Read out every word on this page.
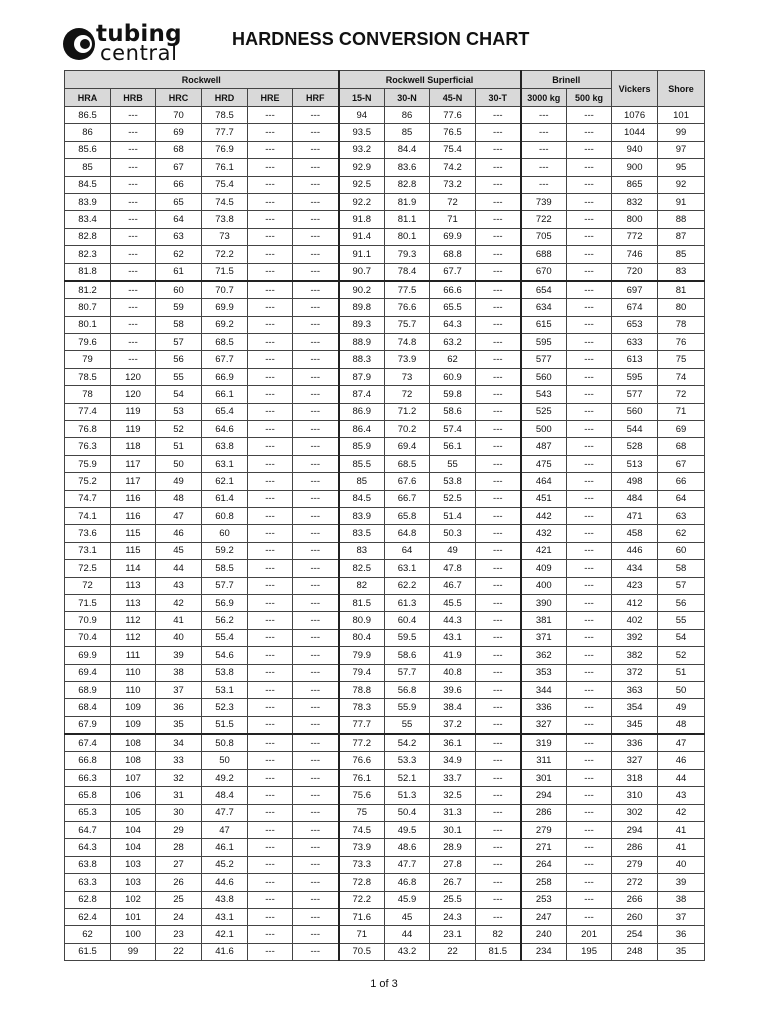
tubing
central
HARDNESS CONVERSION CHART
Rockwell						Rockwell Superficial				Brinell		Vickers	Shore
HRA	HRB	HRC	HRD	HRE	HRF	15-N	30-N	45-N	30-T	3000 kg	500 kg		
86.5	---	70	78.5	---	---	94	86	77.6	---	---	---	1076	101
86	---	69	77.7	---	---	93.5	85	76.5	---	---	---	1044	99
85.6	---	68	76.9	---	---	93.2	84.4	75.4	---	---	---	940	97
85	---	67	76.1	---	---	92.9	83.6	74.2	---	---	---	900	95
84.5	---	66	75.4	---	---	92.5	82.8	73.2	---	---	---	865	92
83.9	---	65	74.5	---	---	92.2	81.9	72	---	739	---	832	91
83.4	---	64	73.8	---	---	91.8	81.1	71	---	722	---	800	88
82.8	---	63	73	---	---	91.4	80.1	69.9	---	705	---	772	87
82.3	---	62	72.2	---	---	91.1	79.3	68.8	---	688	---	746	85
81.8	---	61	71.5	---	---	90.7	78.4	67.7	---	670	---	720	83
81.2	---	60	70.7	---	---	90.2	77.5	66.6	---	654	---	697	81
80.7	---	59	69.9	---	---	89.8	76.6	65.5	---	634	---	674	80
80.1	---	58	69.2	---	---	89.3	75.7	64.3	---	615	---	653	78
79.6	---	57	68.5	---	---	88.9	74.8	63.2	---	595	---	633	76
79	---	56	67.7	---	---	88.3	73.9	62	---	577	---	613	75
78.5	120	55	66.9	---	---	87.9	73	60.9	---	560	---	595	74
78	120	54	66.1	---	---	87.4	72	59.8	---	543	---	577	72
77.4	119	53	65.4	---	---	86.9	71.2	58.6	---	525	---	560	71
76.8	119	52	64.6	---	---	86.4	70.2	57.4	---	500	---	544	69
76.3	118	51	63.8	---	---	85.9	69.4	56.1	---	487	---	528	68
75.9	117	50	63.1	---	---	85.5	68.5	55	---	475	---	513	67
75.2	117	49	62.1	---	---	85	67.6	53.8	---	464	---	498	66
74.7	116	48	61.4	---	---	84.5	66.7	52.5	---	451	---	484	64
74.1	116	47	60.8	---	---	83.9	65.8	51.4	---	442	---	471	63
73.6	115	46	60	---	---	83.5	64.8	50.3	---	432	---	458	62
73.1	115	45	59.2	---	---	83	64	49	---	421	---	446	60
72.5	114	44	58.5	---	---	82.5	63.1	47.8	---	409	---	434	58
72	113	43	57.7	---	---	82	62.2	46.7	---	400	---	423	57
71.5	113	42	56.9	---	---	81.5	61.3	45.5	---	390	---	412	56
70.9	112	41	56.2	---	---	80.9	60.4	44.3	---	381	---	402	55
70.4	112	40	55.4	---	---	80.4	59.5	43.1	---	371	---	392	54
69.9	111	39	54.6	---	---	79.9	58.6	41.9	---	362	---	382	52
69.4	110	38	53.8	---	---	79.4	57.7	40.8	---	353	---	372	51
68.9	110	37	53.1	---	---	78.8	56.8	39.6	---	344	---	363	50
68.4	109	36	52.3	---	---	78.3	55.9	38.4	---	336	---	354	49
67.9	109	35	51.5	---	---	77.7	55	37.2	---	327	---	345	48
67.4	108	34	50.8	---	---	77.2	54.2	36.1	---	319	---	336	47
66.8	108	33	50	---	---	76.6	53.3	34.9	---	311	---	327	46
66.3	107	32	49.2	---	---	76.1	52.1	33.7	---	301	---	318	44
65.8	106	31	48.4	---	---	75.6	51.3	32.5	---	294	---	310	43
65.3	105	30	47.7	---	---	75	50.4	31.3	---	286	---	302	42
64.7	104	29	47	---	---	74.5	49.5	30.1	---	279	---	294	41
64.3	104	28	46.1	---	---	73.9	48.6	28.9	---	271	---	286	41
63.8	103	27	45.2	---	---	73.3	47.7	27.8	---	264	---	279	40
63.3	103	26	44.6	---	---	72.8	46.8	26.7	---	258	---	272	39
62.8	102	25	43.8	---	---	72.2	45.9	25.5	---	253	---	266	38
62.4	101	24	43.1	---	---	71.6	45	24.3	---	247	---	260	37
62	100	23	42.1	---	---	71	44	23.1	82	240	201	254	36
61.5	99	22	41.6	---	---	70.5	43.2	22	81.5	234	195	248	35
1 of 3
